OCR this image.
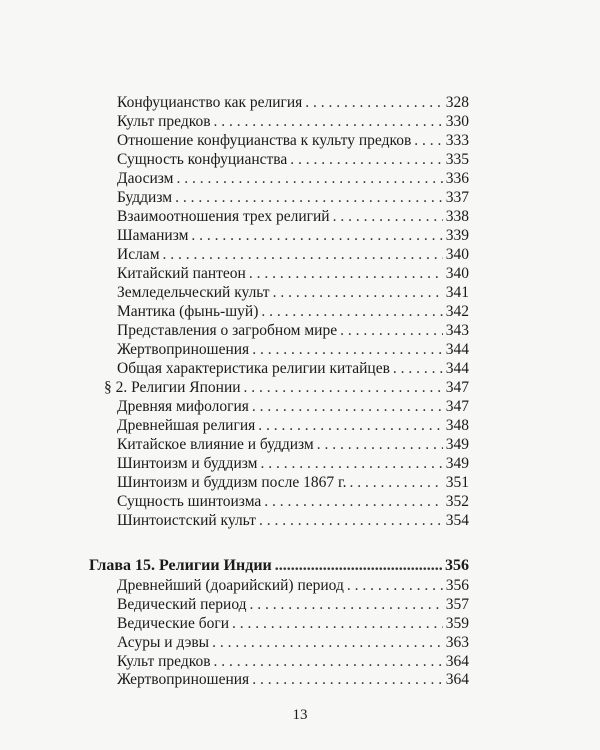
Конфуцианство как религия . . .	328
Культ предков . . .	330
Отношение конфуцианства к культу предков . . . 333
Сущность конфуцианства . . .	335
Даосизм . . .	336
Буддизм . . .	337
Взаимоотношения трех религий . . .	338
Шаманизм . . .	339
Ислам . . .	340
Китайский пантеон . . .	340
Земледельческий культ . . .	341
Мантика (фынь-шуй) . . .	342
Представления о загробном мире . . .	343
Жертвоприношения . . .	344
Общая характеристика религии китайцев . . .	344
§ 2. Религии Японии . . .	347
Древняя мифология . . .	347
Древнейшая религия . . .	348
Китайское влияние и буддизм . . .	349
Шинтоизм и буддизм . . .	349
Шинтоизм и буддизм после 1867 г. . . .	351
Сущность шинтоизма . . .	352
Шинтоистский культ . . .	354
Глава 15. Религии Индии .....	356
Древнейший (доарийский) период . . .	356
Ведический период . . .	357
Ведические боги . . .	359
Асуры и дэвы . . .	363
Культ предков . . .	364
Жертвоприношения . . .	364
13
